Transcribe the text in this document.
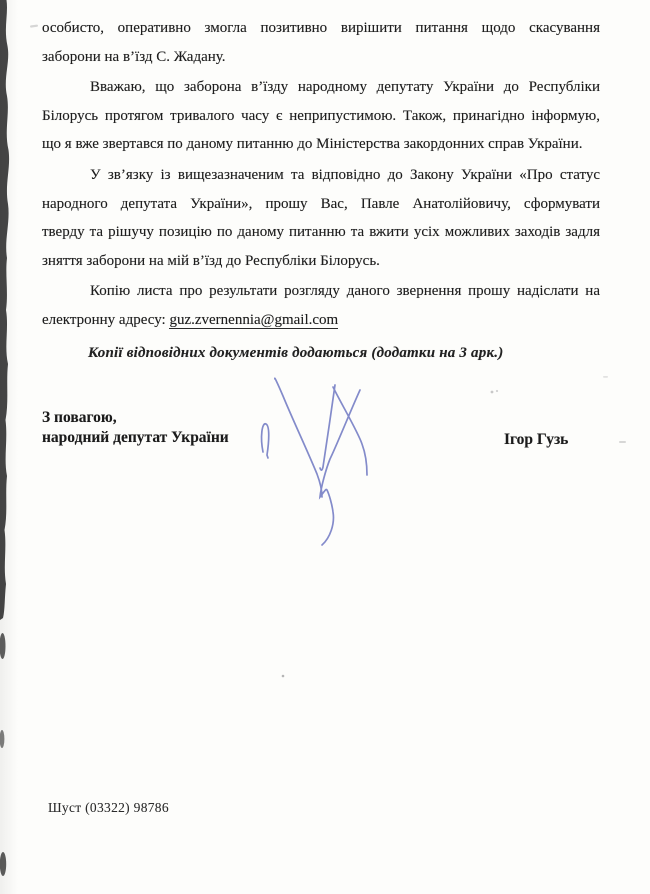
особисто, оперативно змогла позитивно вирішити питання щодо скасування
заборони на в’їзд С. Жадану.
Вважаю, що заборона в’їзду народному депутату України до Республіки
Білорусь протягом тривалого часу є неприпустимою. Також, принагідно інформую,
що я вже звертався по даному питанню до Міністерства закордонних справ України.
У зв’язку із вищезазначеним та відповідно до Закону України «Про статус
народного депутата України», прошу Вас, Павле Анатолійовичу, сформувати
тверду та рішучу позицію по даному питанню та вжити усіх можливих заходів задля
зняття заборони на мій в’їзд до Республіки Білорусь.
Копію листа про результати розгляду даного звернення прошу надіслати на
електронну адресу: guz.zvernennia@gmail.com
Копії відповідних документів додаються (додатки на 3 арк.)
З повагою,
народний депутат України	Ігор Гузь
Шуст (03322) 98786
